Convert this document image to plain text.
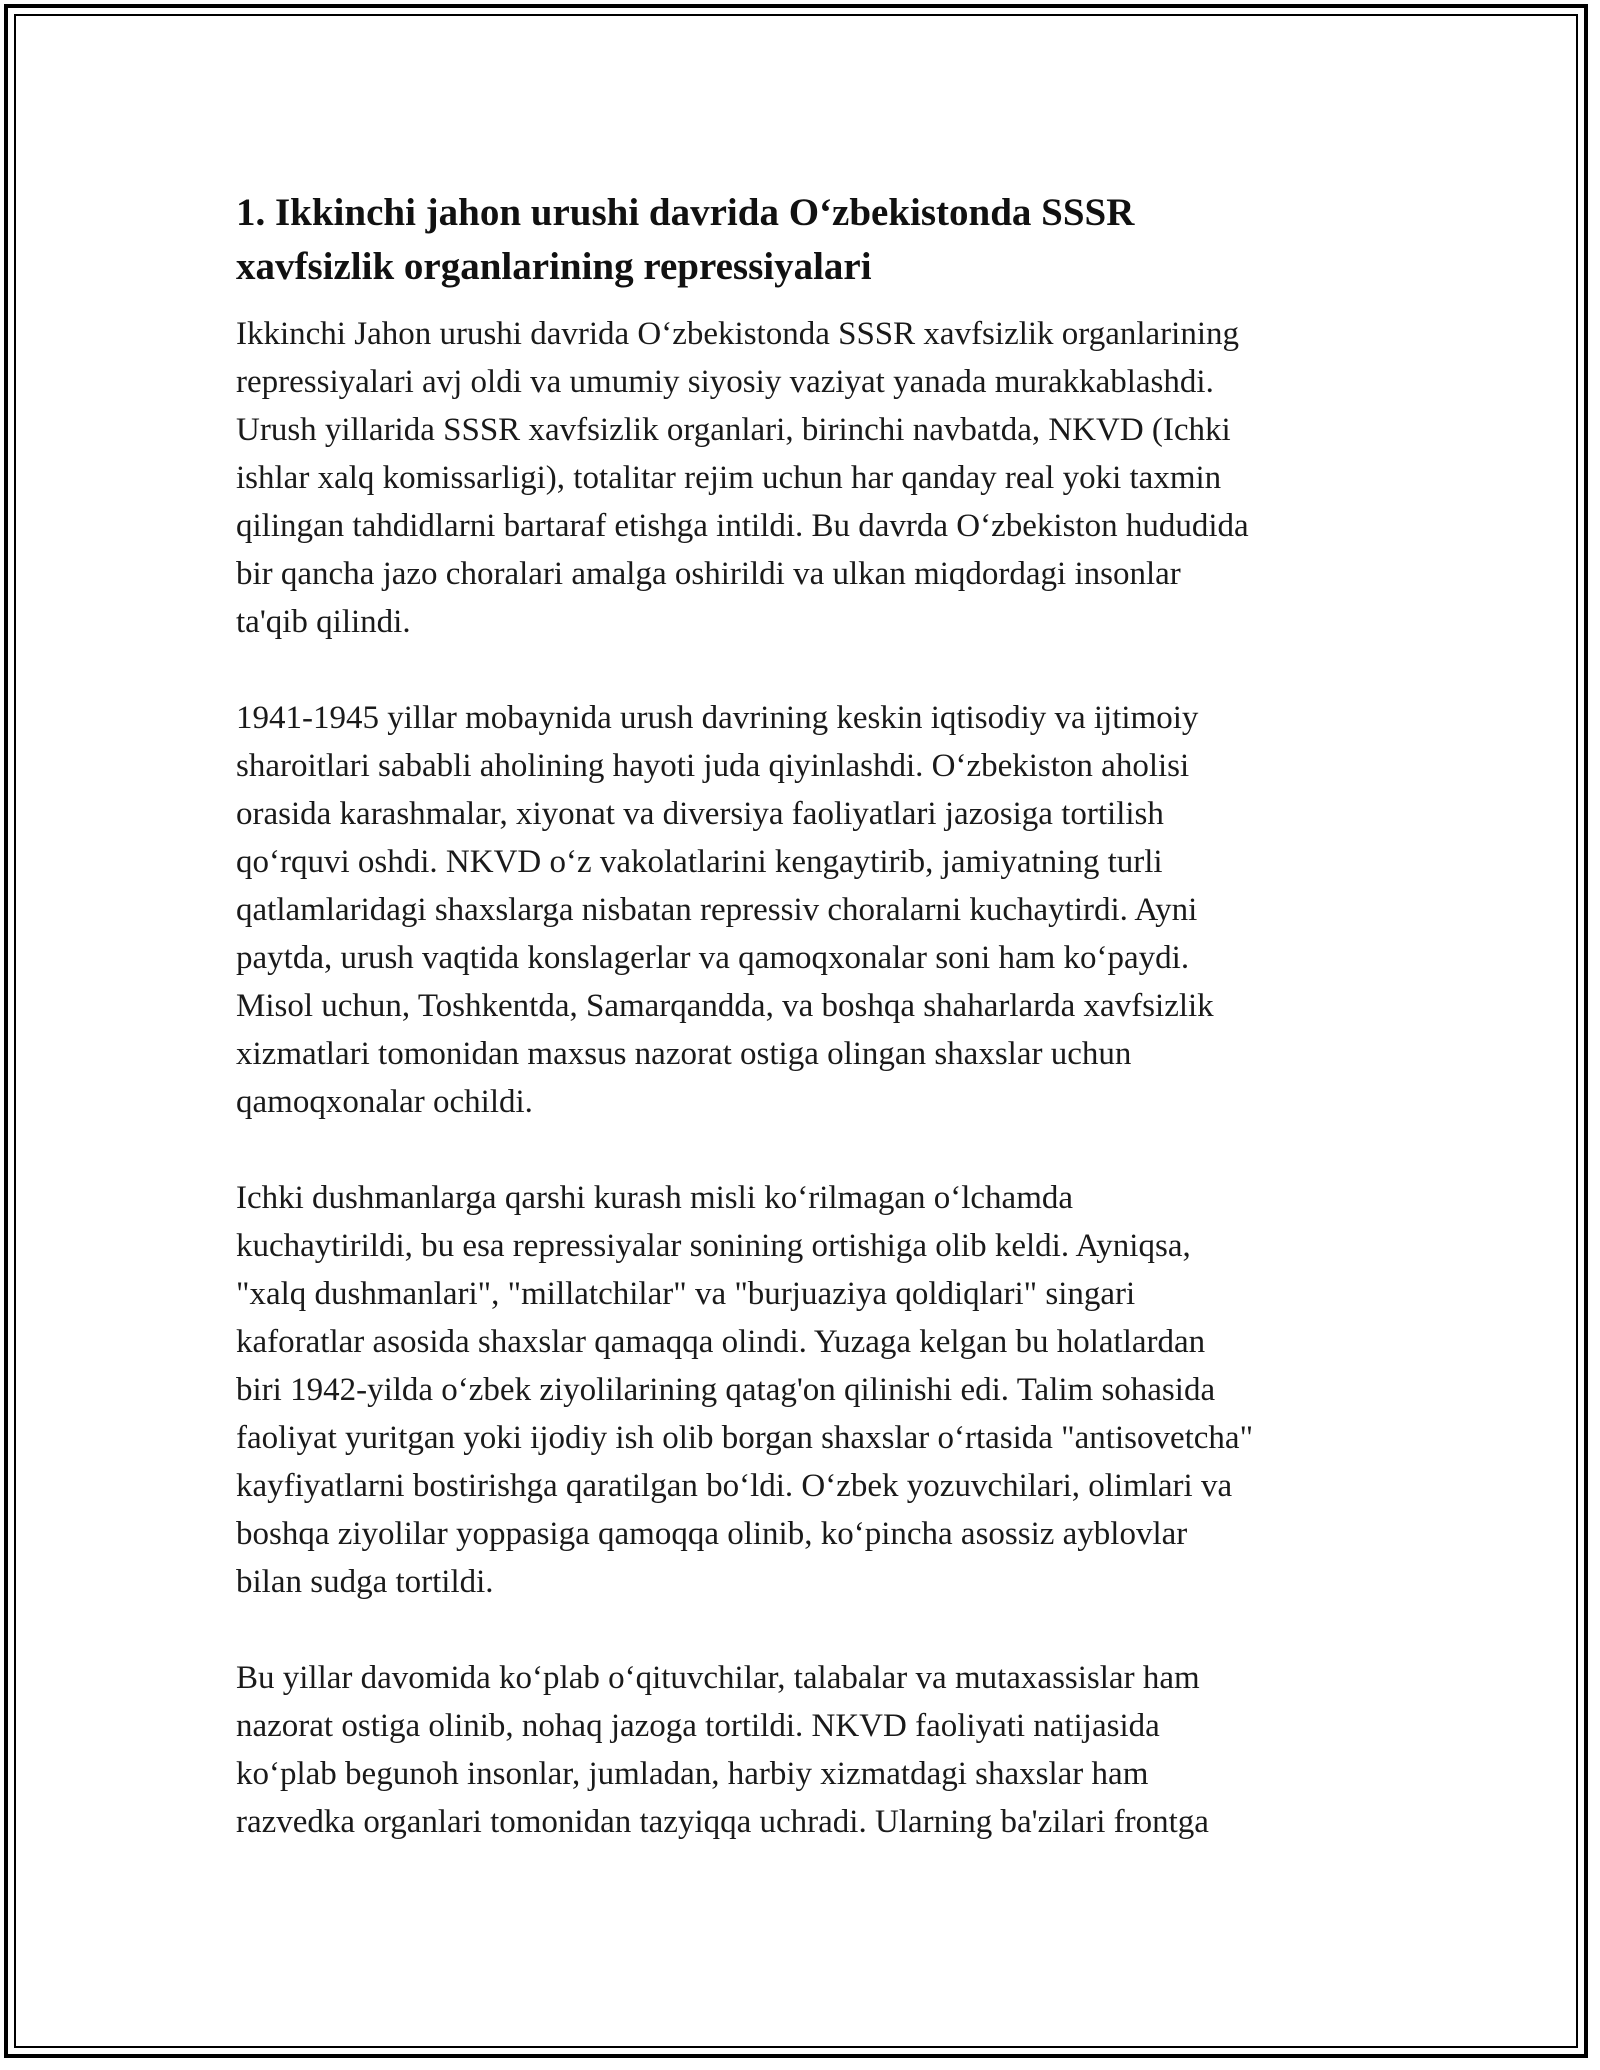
1. Ikkinchi jahon urushi davrida O‘zbekistonda SSSR
xavfsizlik organlarining repressiyalari

Ikkinchi Jahon urushi davrida O‘zbekistonda SSSR xavfsizlik organlarining
repressiyalari avj oldi va umumiy siyosiy vaziyat yanada murakkablashdi.
Urush yillarida SSSR xavfsizlik organlari, birinchi navbatda, NKVD (Ichki
ishlar xalq komissarligi), totalitar rejim uchun har qanday real yoki taxmin
qilingan tahdidlarni bartaraf etishga intildi. Bu davrda O‘zbekiston hududida
bir qancha jazo choralari amalga oshirildi va ulkan miqdordagi insonlar
ta'qib qilindi.

1941-1945 yillar mobaynida urush davrining keskin iqtisodiy va ijtimoiy
sharoitlari sababli aholining hayoti juda qiyinlashdi. O‘zbekiston aholisi
orasida karashmalar, xiyonat va diversiya faoliyatlari jazosiga tortilish
qo‘rquvi oshdi. NKVD o‘z vakolatlarini kengaytirib, jamiyatning turli
qatlamlaridagi shaxslarga nisbatan repressiv choralarni kuchaytirdi. Ayni
paytda, urush vaqtida konslagerlar va qamoqxonalar soni ham ko‘paydi.
Misol uchun, Toshkentda, Samarqandda, va boshqa shaharlarda xavfsizlik
xizmatlari tomonidan maxsus nazorat ostiga olingan shaxslar uchun
qamoqxonalar ochildi.

Ichki dushmanlarga qarshi kurash misli ko‘rilmagan o‘lchamda
kuchaytirildi, bu esa repressiyalar sonining ortishiga olib keldi. Ayniqsa,
"xalq dushmanlari", "millatchilar" va "burjuaziya qoldiqlari" singari
kaforatlar asosida shaxslar qamaqqa olindi. Yuzaga kelgan bu holatlardan
biri 1942-yilda o‘zbek ziyolilarining qatag'on qilinishi edi. Talim sohasida
faoliyat yuritgan yoki ijodiy ish olib borgan shaxslar o‘rtasida "antisovetcha"
kayfiyatlarni bostirishga qaratilgan bo‘ldi. O‘zbek yozuvchilari, olimlari va
boshqa ziyolilar yoppasiga qamoqqa olinib, ko‘pincha asossiz ayblovlar
bilan sudga tortildi.

Bu yillar davomida ko‘plab o‘qituvchilar, talabalar va mutaxassislar ham
nazorat ostiga olinib, nohaq jazoga tortildi. NKVD faoliyati natijasida
ko‘plab begunoh insonlar, jumladan, harbiy xizmatdagi shaxslar ham
razvedka organlari tomonidan tazyiqqa uchradi. Ularning ba'zilari frontga
